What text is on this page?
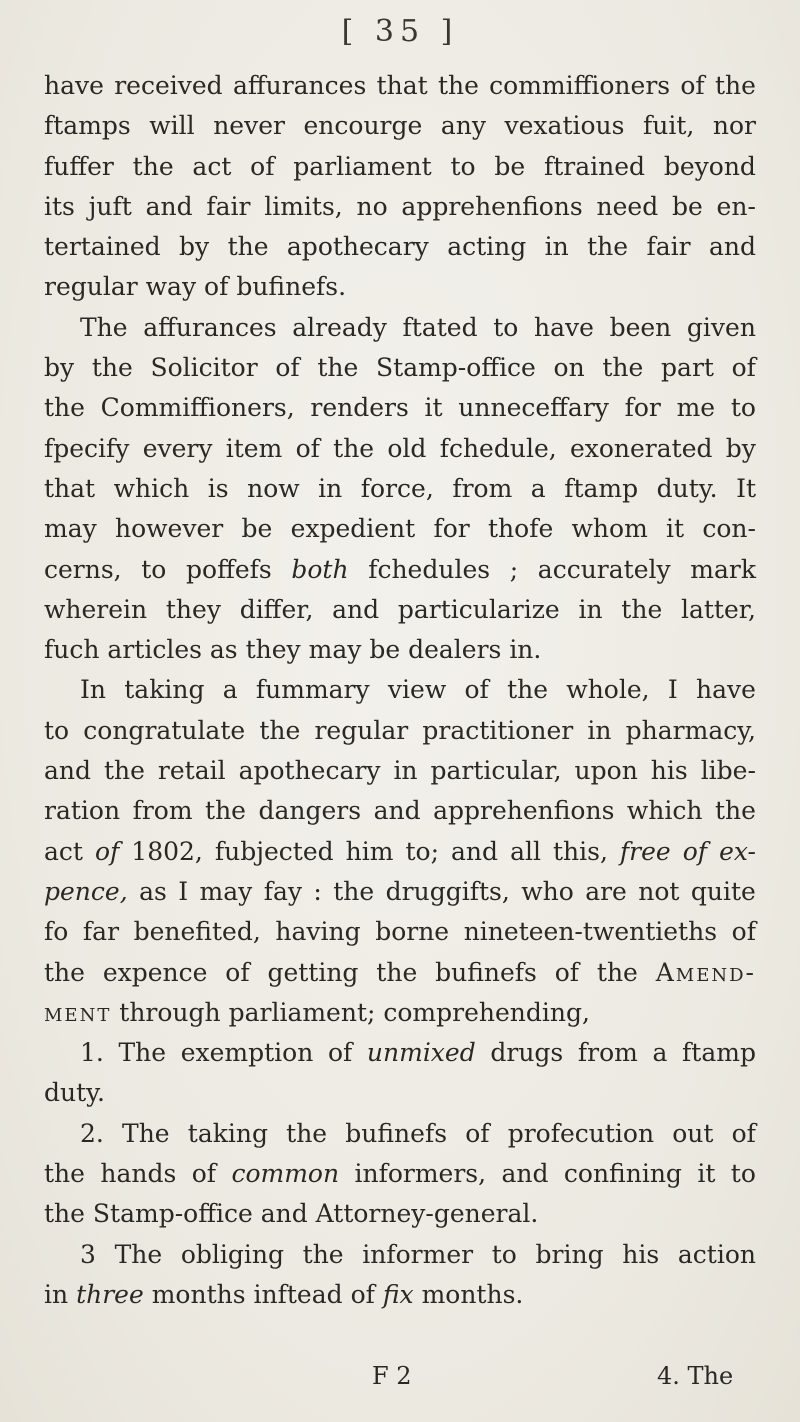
[ 35 ]
have received affurances that the commiffioners of the
ftamps will never encourge any vexatious fuit, nor
fuffer the act of parliament to be ftrained beyond
its juft and fair limits, no apprehenfions need be en-
tertained by the apothecary acting in the fair and
regular
way
of
bufinefs.
The affurances already ftated to have been given
by the Solicitor of the Stamp-office on the part of
the Commiffioners, renders it unneceffary for me to
fpecify every item of the old fchedule, exonerated by
that which is now in force, from a ftamp duty. It
may however be expedient for thofe whom it con-
cerns, to poffefs both fchedules ; accurately mark
wherein they differ, and particularize in the latter,
fuch
articles
as
they
may
be
dealers
in.
In taking a fummary view of the whole, I have
to congratulate the regular practitioner in pharmacy,
and the retail apothecary in particular, upon his libe-
ration from the dangers and apprehenfions which the
act of 1802, fubjected him to; and all this, free of ex-
pence, as I may fay : the druggifts, who are not quite
fo far benefited, having borne nineteen-twentieths of
the expence of getting the bufinefs of the Amend-
ment
through
parliament;
comprehending,
1. The exemption of unmixed drugs from a ftamp
duty.
2. The taking the bufinefs of profecution out of
the hands of common informers, and confining it to
the
Stamp-office
and
Attorney-general.
3 The obliging the informer to bring his action
in
three
months
inftead
of
fix
months.
F 2	4. The
